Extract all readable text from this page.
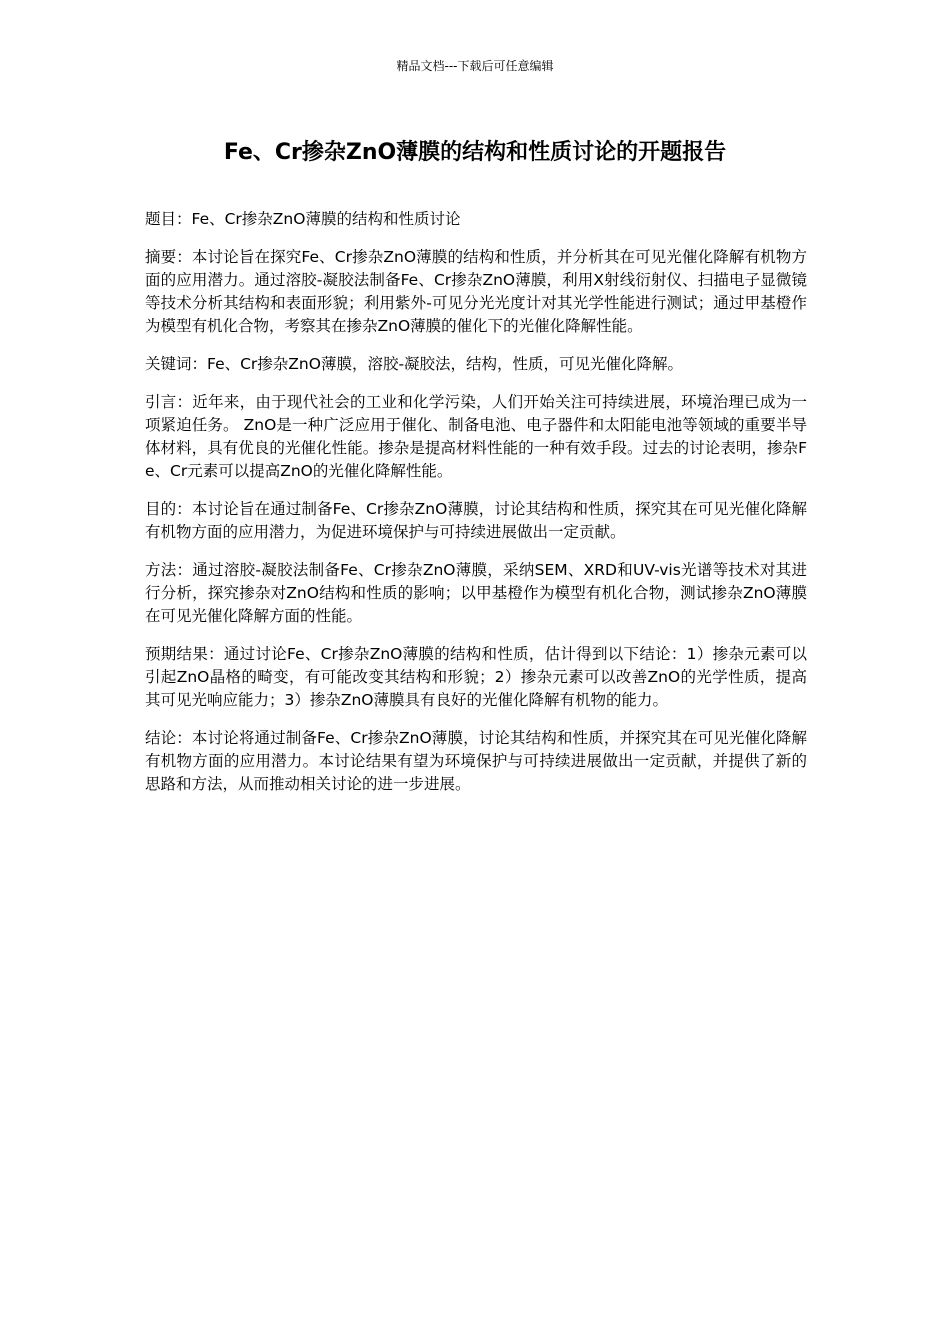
精品文档---下载后可任意编辑
Fe、Cr掺杂ZnO薄膜的结构和性质讨论的开题报告

题目：Fe、Cr掺杂ZnO薄膜的结构和性质讨论

摘要：本讨论旨在探究Fe、Cr掺杂ZnO薄膜的结构和性质，并分析其在可见光催化降解有机物方面的应用潜力。通过溶胶-凝胶法制备Fe、Cr掺杂ZnO薄膜，利用X射线衍射仪、扫描电子显微镜等技术分析其结构和表面形貌；利用紫外-可见分光光度计对其光学性能进行测试；通过甲基橙作为模型有机化合物，考察其在掺杂ZnO薄膜的催化下的光催化降解性能。

关键词：Fe、Cr掺杂ZnO薄膜，溶胶-凝胶法，结构，性质，可见光催化降解。

引言：近年来，由于现代社会的工业和化学污染，人们开始关注可持续进展，环境治理已成为一项紧迫任务。 ZnO是一种广泛应用于催化、制备电池、电子器件和太阳能电池等领域的重要半导体材料，具有优良的光催化性能。掺杂是提高材料性能的一种有效手段。过去的讨论表明，掺杂Fe、Cr元素可以提高ZnO的光催化降解性能。

目的：本讨论旨在通过制备Fe、Cr掺杂ZnO薄膜，讨论其结构和性质，探究其在可见光催化降解有机物方面的应用潜力，为促进环境保护与可持续进展做出一定贡献。

方法：通过溶胶-凝胶法制备Fe、Cr掺杂ZnO薄膜，采纳SEM、XRD和UV-vis光谱等技术对其进行分析，探究掺杂对ZnO结构和性质的影响；以甲基橙作为模型有机化合物，测试掺杂ZnO薄膜在可见光催化降解方面的性能。

预期结果：通过讨论Fe、Cr掺杂ZnO薄膜的结构和性质，估计得到以下结论：1）掺杂元素可以引起ZnO晶格的畸变，有可能改变其结构和形貌；2）掺杂元素可以改善ZnO的光学性质，提高其可见光响应能力；3）掺杂ZnO薄膜具有良好的光催化降解有机物的能力。

结论：本讨论将通过制备Fe、Cr掺杂ZnO薄膜，讨论其结构和性质，并探究其在可见光催化降解有机物方面的应用潜力。本讨论结果有望为环境保护与可持续进展做出一定贡献，并提供了新的思路和方法，从而推动相关讨论的进一步进展。
